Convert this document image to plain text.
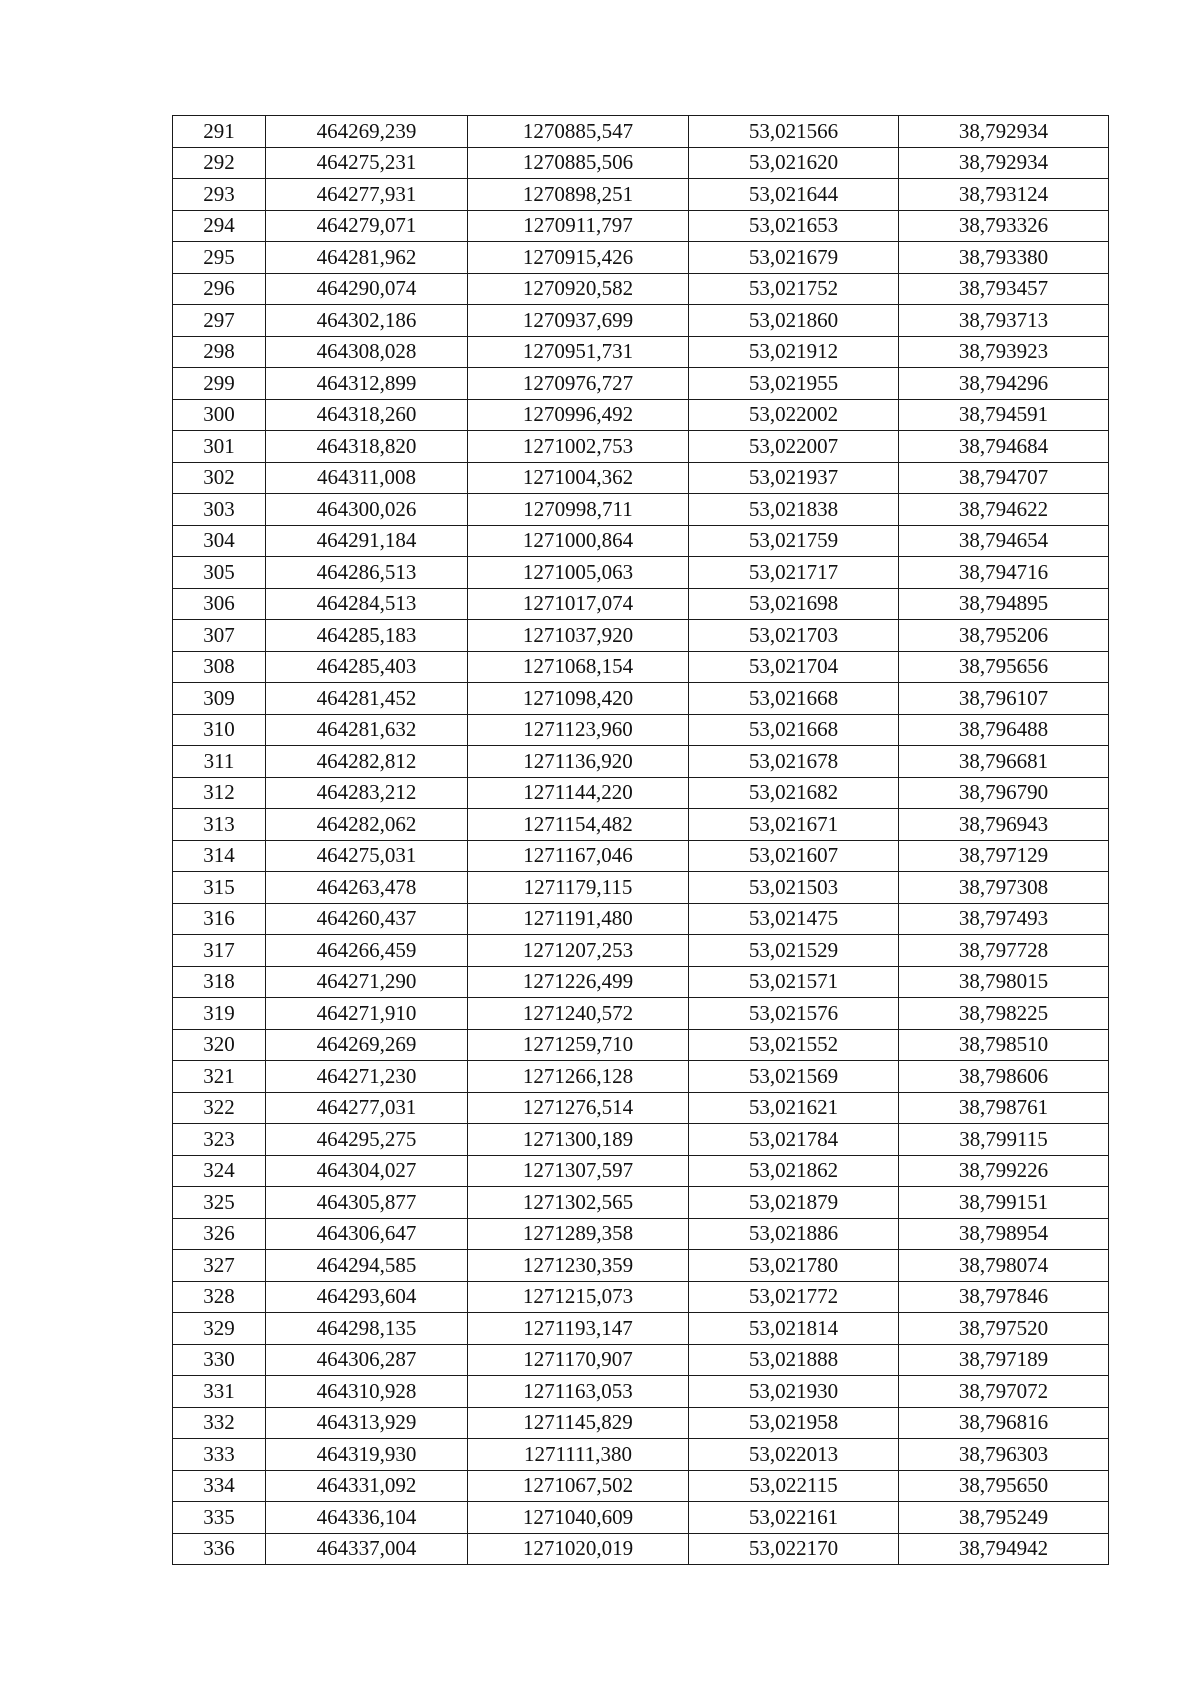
291	464269,239	1270885,547	53,021566	38,792934
292	464275,231	1270885,506	53,021620	38,792934
293	464277,931	1270898,251	53,021644	38,793124
294	464279,071	1270911,797	53,021653	38,793326
295	464281,962	1270915,426	53,021679	38,793380
296	464290,074	1270920,582	53,021752	38,793457
297	464302,186	1270937,699	53,021860	38,793713
298	464308,028	1270951,731	53,021912	38,793923
299	464312,899	1270976,727	53,021955	38,794296
300	464318,260	1270996,492	53,022002	38,794591
301	464318,820	1271002,753	53,022007	38,794684
302	464311,008	1271004,362	53,021937	38,794707
303	464300,026	1270998,711	53,021838	38,794622
304	464291,184	1271000,864	53,021759	38,794654
305	464286,513	1271005,063	53,021717	38,794716
306	464284,513	1271017,074	53,021698	38,794895
307	464285,183	1271037,920	53,021703	38,795206
308	464285,403	1271068,154	53,021704	38,795656
309	464281,452	1271098,420	53,021668	38,796107
310	464281,632	1271123,960	53,021668	38,796488
311	464282,812	1271136,920	53,021678	38,796681
312	464283,212	1271144,220	53,021682	38,796790
313	464282,062	1271154,482	53,021671	38,796943
314	464275,031	1271167,046	53,021607	38,797129
315	464263,478	1271179,115	53,021503	38,797308
316	464260,437	1271191,480	53,021475	38,797493
317	464266,459	1271207,253	53,021529	38,797728
318	464271,290	1271226,499	53,021571	38,798015
319	464271,910	1271240,572	53,021576	38,798225
320	464269,269	1271259,710	53,021552	38,798510
321	464271,230	1271266,128	53,021569	38,798606
322	464277,031	1271276,514	53,021621	38,798761
323	464295,275	1271300,189	53,021784	38,799115
324	464304,027	1271307,597	53,021862	38,799226
325	464305,877	1271302,565	53,021879	38,799151
326	464306,647	1271289,358	53,021886	38,798954
327	464294,585	1271230,359	53,021780	38,798074
328	464293,604	1271215,073	53,021772	38,797846
329	464298,135	1271193,147	53,021814	38,797520
330	464306,287	1271170,907	53,021888	38,797189
331	464310,928	1271163,053	53,021930	38,797072
332	464313,929	1271145,829	53,021958	38,796816
333	464319,930	1271111,380	53,022013	38,796303
334	464331,092	1271067,502	53,022115	38,795650
335	464336,104	1271040,609	53,022161	38,795249
336	464337,004	1271020,019	53,022170	38,794942
